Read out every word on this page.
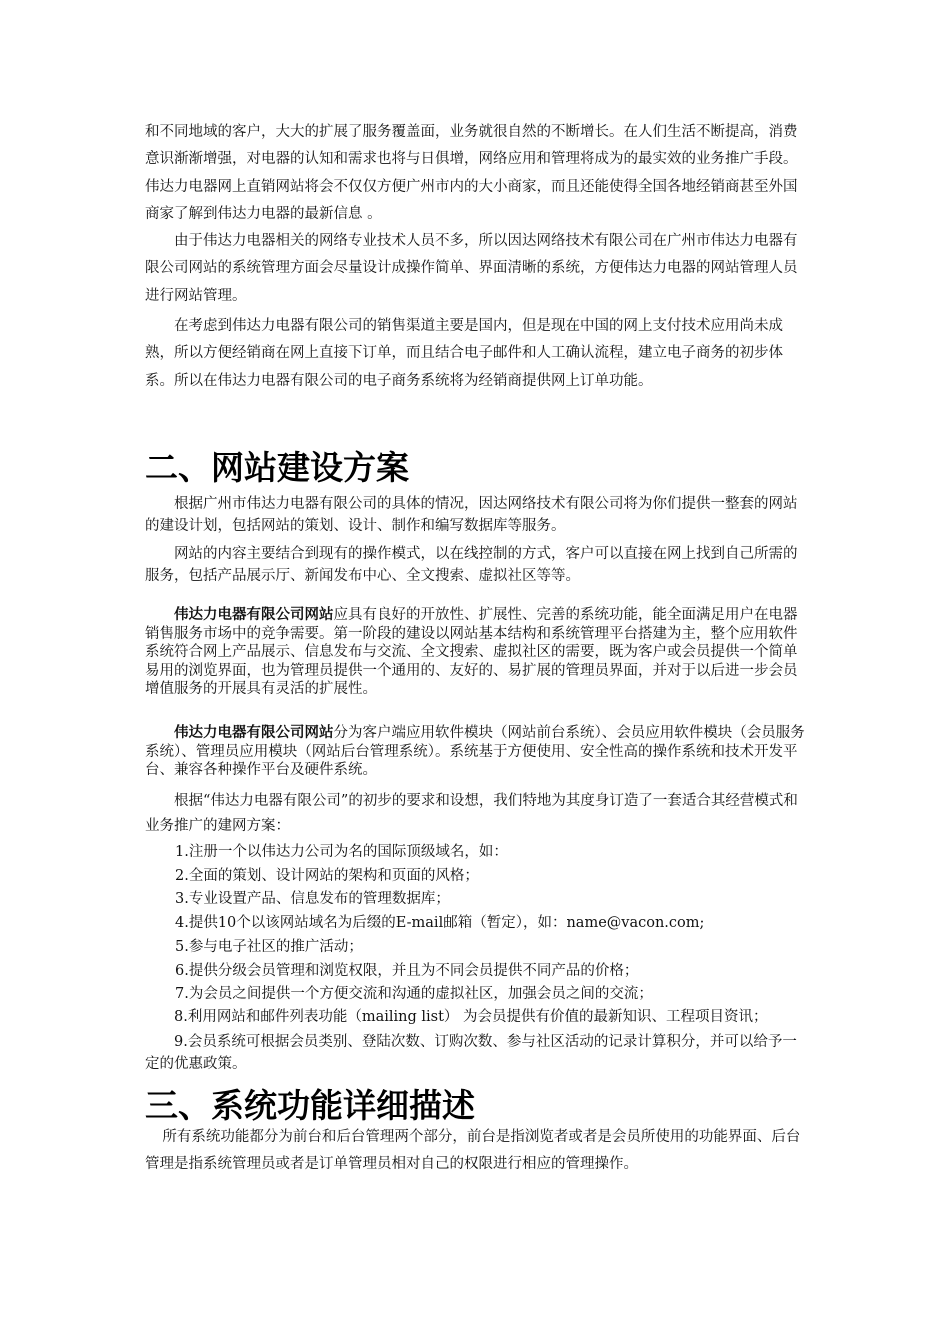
和不同地域的客户，大大的扩展了服务覆盖面，业务就很自然的不断增长。在人们生活不断提高，消费意识渐渐增强，对电器的认知和需求也将与日俱增，网络应用和管理将成为的最实效的业务推广手段。伟达力电器网上直销网站将会不仅仅方便广州市内的大小商家，而且还能使得全国各地经销商甚至外国商家了解到伟达力电器的最新信息 。
由于伟达力电器相关的网络专业技术人员不多，所以因达网络技术有限公司在广州市伟达力电器有限公司网站的系统管理方面会尽量设计成操作简单、界面清晰的系统，方便伟达力电器的网站管理人员进行网站管理。
在考虑到伟达力电器有限公司的销售渠道主要是国内，但是现在中国的网上支付技术应用尚未成熟，所以方便经销商在网上直接下订单，而且结合电子邮件和人工确认流程，建立电子商务的初步体系。所以在伟达力电器有限公司的电子商务系统将为经销商提供网上订单功能。
二、网站建设方案
根据广州市伟达力电器有限公司的具体的情况，因达网络技术有限公司将为你们提供一整套的网站的建设计划，包括网站的策划、设计、制作和编写数据库等服务。
网站的内容主要结合到现有的操作模式，以在线控制的方式，客户可以直接在网上找到自己所需的服务，包括产品展示厅、新闻发布中心、全文搜索、虚拟社区等等。
伟达力电器有限公司网站应具有良好的开放性、扩展性、完善的系统功能，能全面满足用户在电器销售服务市场中的竞争需要。第一阶段的建设以网站基本结构和系统管理平台搭建为主，整个应用软件系统符合网上产品展示、信息发布与交流、全文搜索、虚拟社区的需要，既为客户或会员提供一个简单易用的浏览界面，也为管理员提供一个通用的、友好的、易扩展的管理员界面，并对于以后进一步会员增值服务的开展具有灵活的扩展性。
伟达力电器有限公司网站分为客户端应用软件模块（网站前台系统）、会员应用软件模块（会员服务系统）、管理员应用模块（网站后台管理系统）。系统基于方便使用、安全性高的操作系统和技术开发平台、兼容各种操作平台及硬件系统。
根据“伟达力电器有限公司”的初步的要求和设想，我们特地为其度身订造了一套适合其经营模式和业务推广的建网方案：
1.注册一个以伟达力公司为名的国际顶级域名，如：
2.全面的策划、设计网站的架构和页面的风格；
3.专业设置产品、信息发布的管理数据库；
4.提供10个以该网站域名为后缀的E-mail邮箱（暂定），如：name@vacon.com;
5.参与电子社区的推广活动；
6.提供分级会员管理和浏览权限，并且为不同会员提供不同产品的价格；
7.为会员之间提供一个方便交流和沟通的虚拟社区，加强会员之间的交流；
8.利用网站和邮件列表功能（mailing list） 为会员提供有价值的最新知识、工程项目资讯；
9.会员系统可根据会员类别、登陆次数、订购次数、参与社区活动的记录计算积分，并可以给予一定的优惠政策。
三、系统功能详细描述
所有系统功能都分为前台和后台管理两个部分，前台是指浏览者或者是会员所使用的功能界面、后台管理是指系统管理员或者是订单管理员相对自己的权限进行相应的管理操作。
